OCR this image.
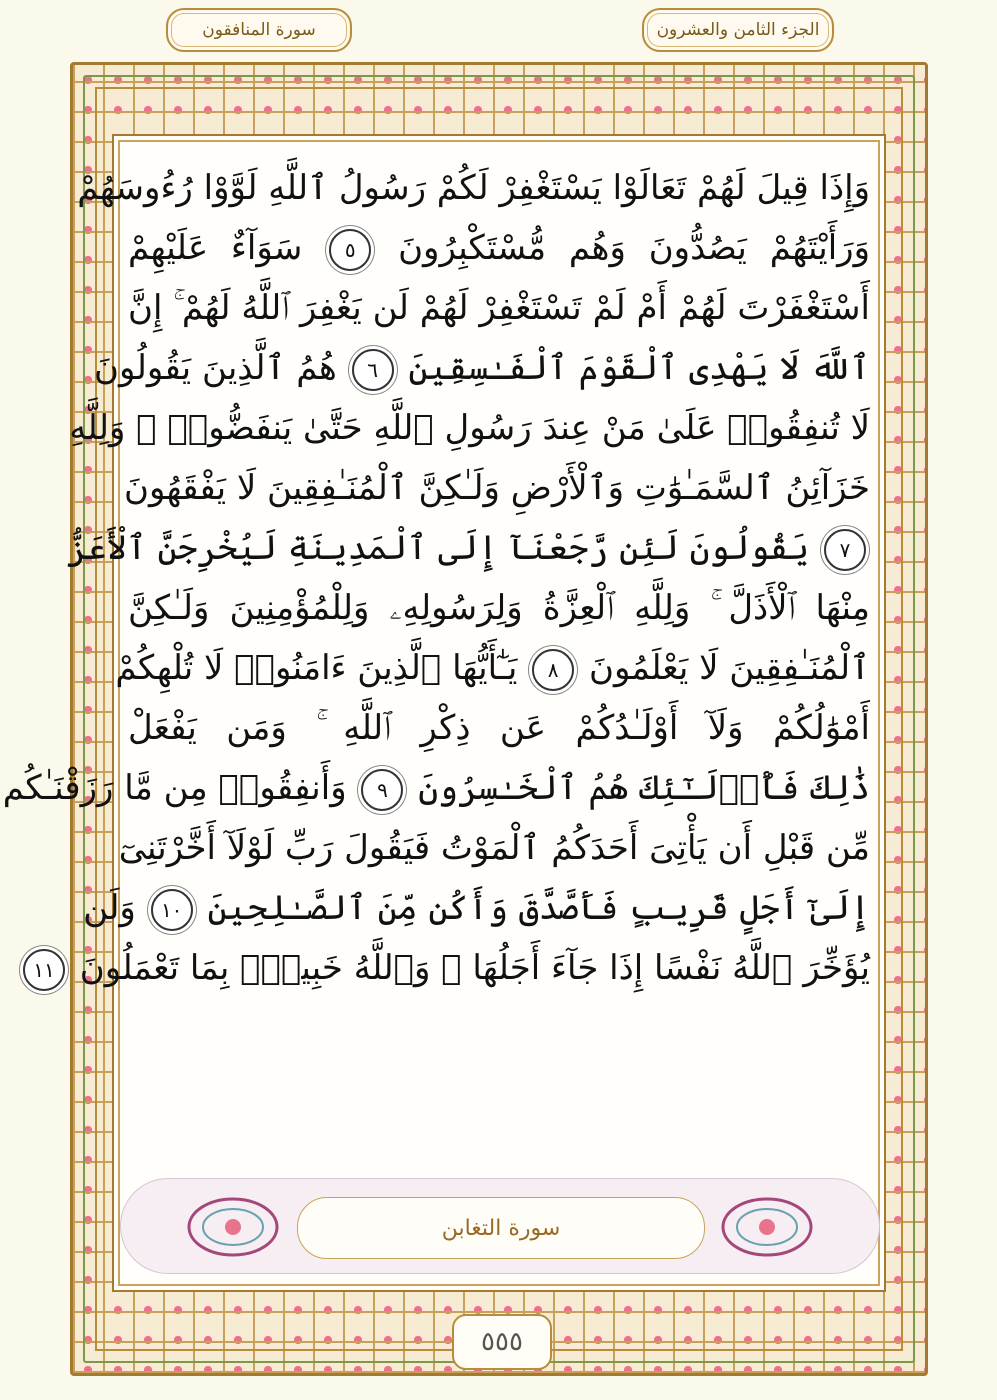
سورة المنافقون	الجزء الثامن والعشرون
وَإِذَا قِيلَ لَهُمْ تَعَالَوْا يَسْتَغْفِرْ لَكُمْ رَسُولُ ٱللَّهِ لَوَّوْا رُءُوسَهُمْ
وَرَأَيْتَهُمْ يَصُدُّونَ وَهُم مُّسْتَكْبِرُونَ ٥ سَوَآءٌ عَلَيْهِمْ
أَسْتَغْفَرْتَ لَهُمْ أَمْ لَمْ تَسْتَغْفِرْ لَهُمْ لَن يَغْفِرَ ٱللَّهُ لَهُمْ ۚ إِنَّ
ٱللَّهَ لَا يَهْدِى ٱلْقَوْمَ ٱلْفَـٰسِقِينَ ٦ هُمُ ٱلَّذِينَ يَقُولُونَ
لَا تُنفِقُوا۟ عَلَىٰ مَنْ عِندَ رَسُولِ ٱللَّهِ حَتَّىٰ يَنفَضُّوا۟ ۗ وَلِلَّهِ
خَزَآئِنُ ٱلسَّمَـٰوَٰتِ وَٱلْأَرْضِ وَلَـٰكِنَّ ٱلْمُنَـٰفِقِينَ لَا يَفْقَهُونَ
٧ يَقُولُونَ لَئِن رَّجَعْنَآ إِلَى ٱلْمَدِينَةِ لَيُخْرِجَنَّ ٱلْأَعَزُّ
مِنْهَا ٱلْأَذَلَّ ۚ وَلِلَّهِ ٱلْعِزَّةُ وَلِرَسُولِهِۦ وَلِلْمُؤْمِنِينَ وَلَـٰكِنَّ
ٱلْمُنَـٰفِقِينَ لَا يَعْلَمُونَ ٨ يَـٰٓأَيُّهَا ٱلَّذِينَ ءَامَنُوا۟ لَا تُلْهِكُمْ
أَمْوَٰلُكُمْ وَلَآ أَوْلَـٰدُكُمْ عَن ذِكْرِ ٱللَّهِ ۚ وَمَن يَفْعَلْ
ذَٰلِكَ فَأُو۟لَـٰٓئِكَ هُمُ ٱلْخَـٰسِرُونَ ٩ وَأَنفِقُوا۟ مِن مَّا رَزَقْنَـٰكُم
مِّن قَبْلِ أَن يَأْتِىَ أَحَدَكُمُ ٱلْمَوْتُ فَيَقُولَ رَبِّ لَوْلَآ أَخَّرْتَنِىٓ
إِلَىٰٓ أَجَلٍ قَرِيبٍ فَأَصَّدَّقَ وَأَكُن مِّنَ ٱلصَّـٰلِحِينَ ١٠ وَلَن
يُؤَخِّرَ ٱللَّهُ نَفْسًا إِذَا جَآءَ أَجَلُهَا ۚ وَٱللَّهُ خَبِيرٌۢ بِمَا تَعْمَلُونَ ١١
سورة التغابن
٥٥٥
